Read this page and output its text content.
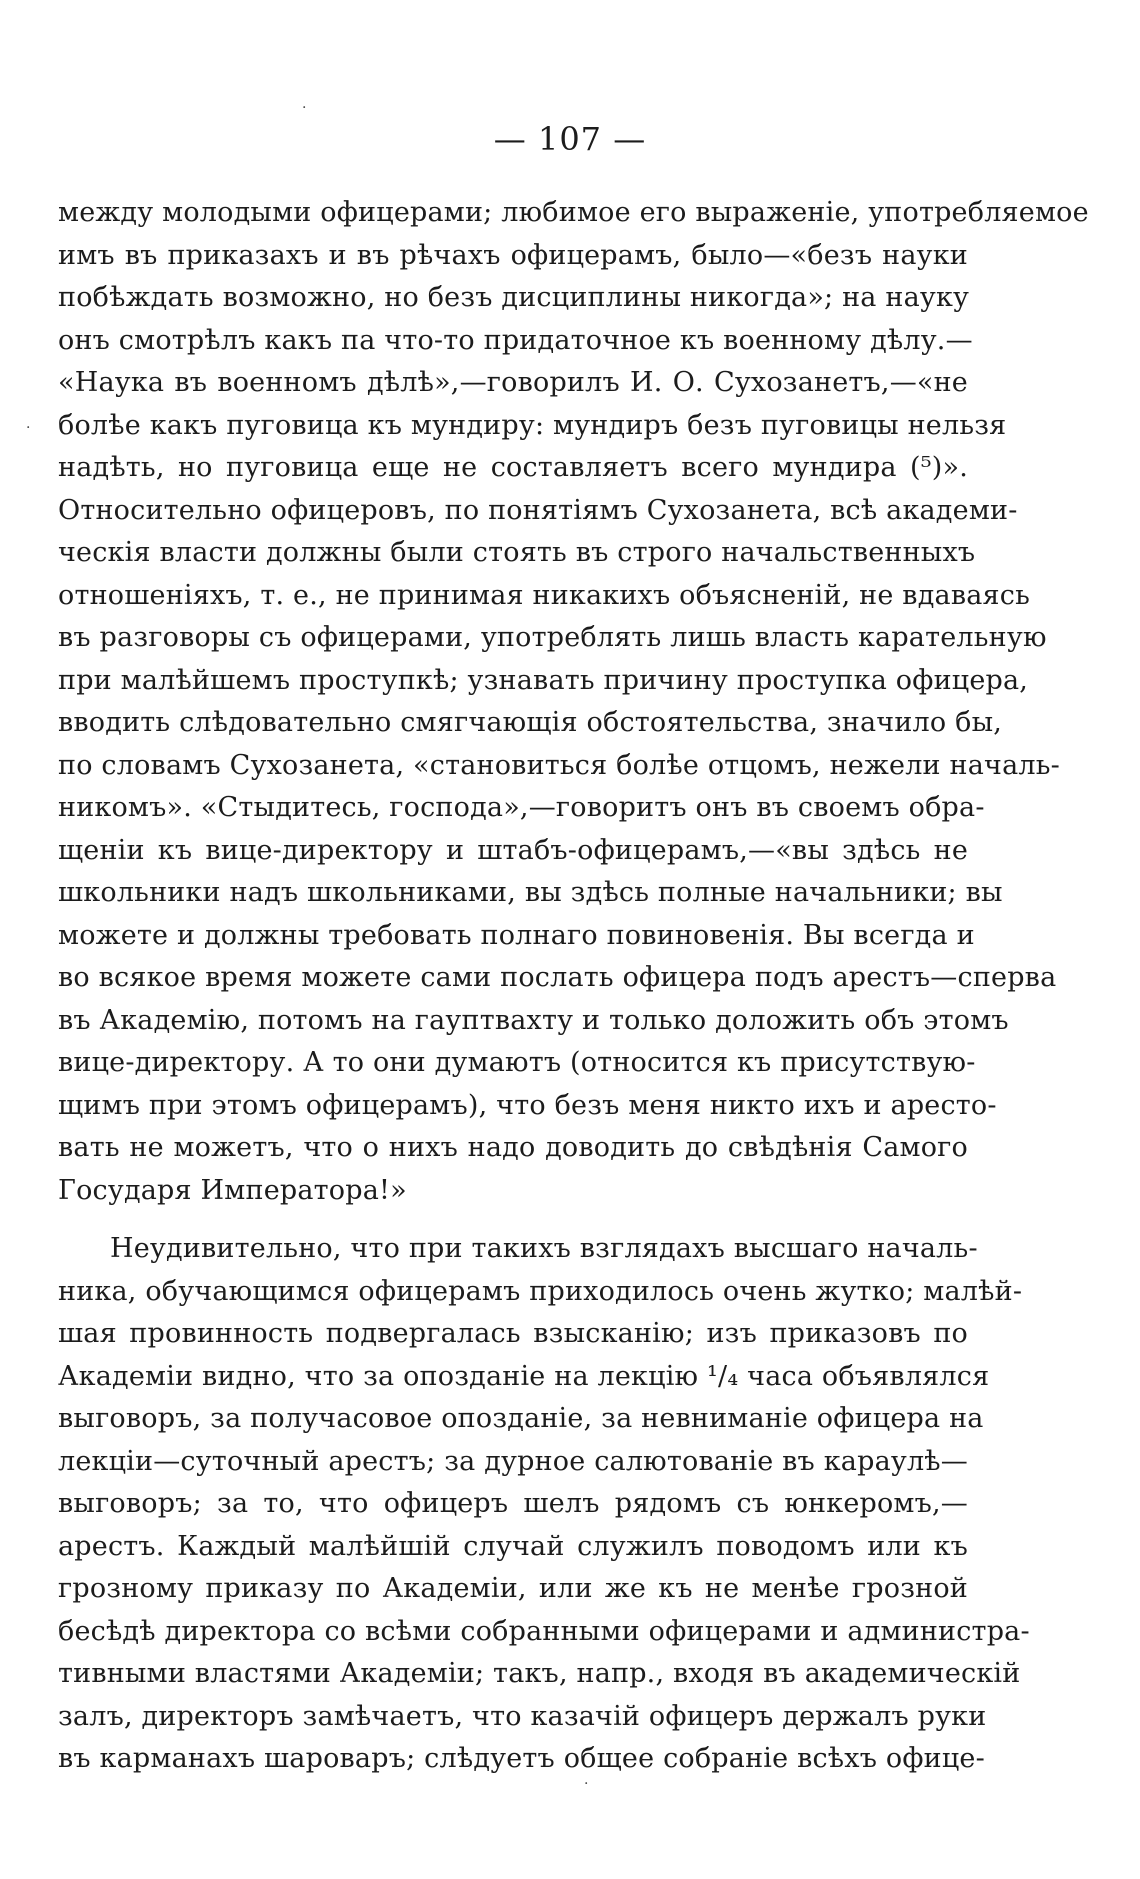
— 107 —
между молодыми офицерами; любимое его выраженіе, употребляемое
имъ въ приказахъ и въ рѣчахъ офицерамъ, было—«безъ науки
побѣждать возможно, но безъ дисциплины никогда»; на науку
онъ смотрѣлъ какъ па что-то придаточное къ военному дѣлу.—
«Наука въ военномъ дѣлѣ»,—говорилъ И. О. Сухозанетъ,—«не
болѣе какъ пуговица къ мундиру: мундиръ безъ пуговицы нельзя
надѣть, но пуговица еще не составляетъ всего мундира (⁵)».
Относительно офицеровъ, по понятіямъ Сухозанета, всѣ академи-
ческія власти должны были стоять въ строго начальственныхъ
отношеніяхъ, т. е., не принимая никакихъ объясненій, не вдаваясь
въ разговоры съ офицерами, употреблять лишь власть карательную
при малѣйшемъ проступкѣ; узнавать причину проступка офицера,
вводить слѣдовательно смягчающія обстоятельства, значило бы,
по словамъ Сухозанета, «становиться болѣе отцомъ, нежели началь-
никомъ». «Стыдитесь, господа»,—говоритъ онъ въ своемъ обра-
щеніи къ вице-директору и штабъ-офицерамъ,—«вы здѣсь не
школьники надъ школьниками, вы здѣсь полные начальники; вы
можете и должны требовать полнаго повиновенія. Вы всегда и
во всякое время можете сами послать офицера подъ арестъ—сперва
въ Академію, потомъ на гауптвахту и только доложить объ этомъ
вице-директору. А то они думаютъ (относится къ присутствую-
щимъ при этомъ офицерамъ), что безъ меня никто ихъ и аресто-
вать не можетъ, что о нихъ надо доводить до свѣдѣнія Самого
Государя Императора!»
Неудивительно, что при такихъ взглядахъ высшаго началь-
ника, обучающимся офицерамъ приходилось очень жутко; малѣй-
шая провинность подвергалась взысканію; изъ приказовъ по
Академіи видно, что за опозданіе на лекцію ¹/₄ часа объявлялся
выговоръ, за получасовое опозданіе, за невниманіе офицера на
лекціи—суточный арестъ; за дурное салютованіе въ караулѣ—
выговоръ; за то, что офицеръ шелъ рядомъ съ юнкеромъ,—
арестъ. Каждый малѣйшій случай служилъ поводомъ или къ
грозному приказу по Академіи, или же къ не менѣе грозной
бесѣдѣ директора со всѣми собранными офицерами и администра-
тивными властями Академіи; такъ, напр., входя въ академическій
залъ, директоръ замѣчаетъ, что казачій офицеръ держалъ руки
въ карманахъ шароваръ; слѣдуетъ общее собраніе всѣхъ офице-
·
·
·
